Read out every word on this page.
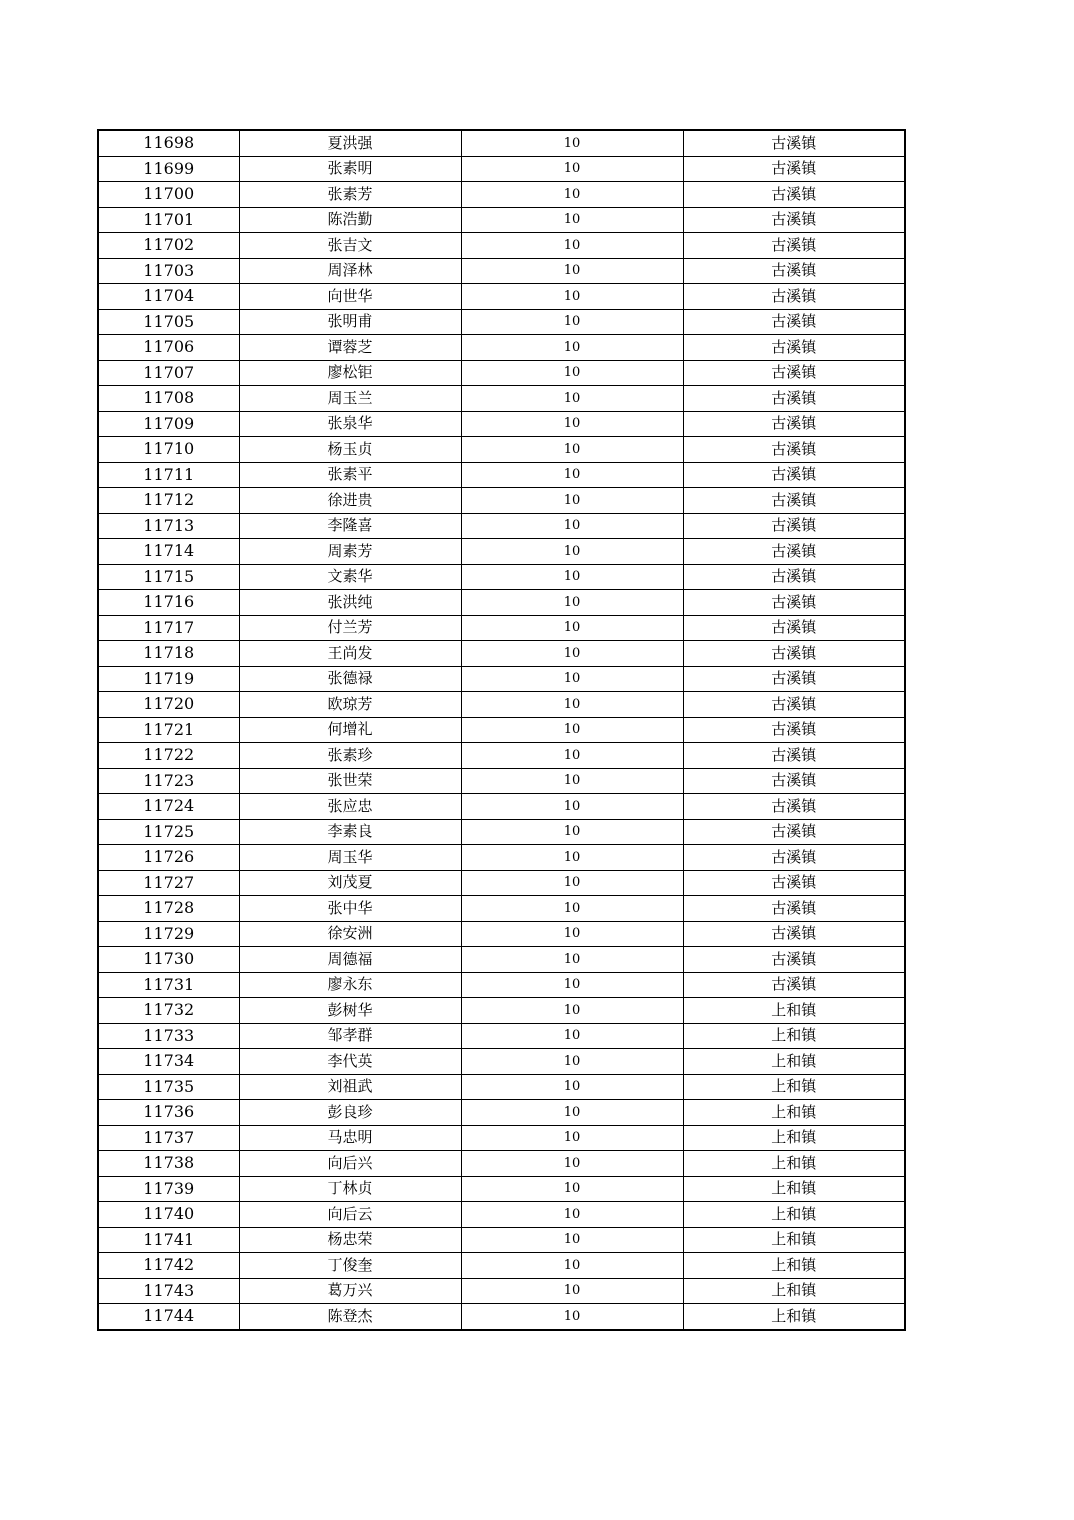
11698	夏洪强	10	古溪镇
11699	张素明	10	古溪镇
11700	张素芳	10	古溪镇
11701	陈浩勤	10	古溪镇
11702	张吉文	10	古溪镇
11703	周泽林	10	古溪镇
11704	向世华	10	古溪镇
11705	张明甫	10	古溪镇
11706	谭蓉芝	10	古溪镇
11707	廖松钜	10	古溪镇
11708	周玉兰	10	古溪镇
11709	张泉华	10	古溪镇
11710	杨玉贞	10	古溪镇
11711	张素平	10	古溪镇
11712	徐进贵	10	古溪镇
11713	李隆喜	10	古溪镇
11714	周素芳	10	古溪镇
11715	文素华	10	古溪镇
11716	张洪纯	10	古溪镇
11717	付兰芳	10	古溪镇
11718	王尚发	10	古溪镇
11719	张德禄	10	古溪镇
11720	欧琼芳	10	古溪镇
11721	何增礼	10	古溪镇
11722	张素珍	10	古溪镇
11723	张世荣	10	古溪镇
11724	张应忠	10	古溪镇
11725	李素良	10	古溪镇
11726	周玉华	10	古溪镇
11727	刘茂夏	10	古溪镇
11728	张中华	10	古溪镇
11729	徐安洲	10	古溪镇
11730	周德福	10	古溪镇
11731	廖永东	10	古溪镇
11732	彭树华	10	上和镇
11733	邹孝群	10	上和镇
11734	李代英	10	上和镇
11735	刘祖武	10	上和镇
11736	彭良珍	10	上和镇
11737	马忠明	10	上和镇
11738	向后兴	10	上和镇
11739	丁林贞	10	上和镇
11740	向后云	10	上和镇
11741	杨忠荣	10	上和镇
11742	丁俊奎	10	上和镇
11743	葛万兴	10	上和镇
11744	陈登杰	10	上和镇
